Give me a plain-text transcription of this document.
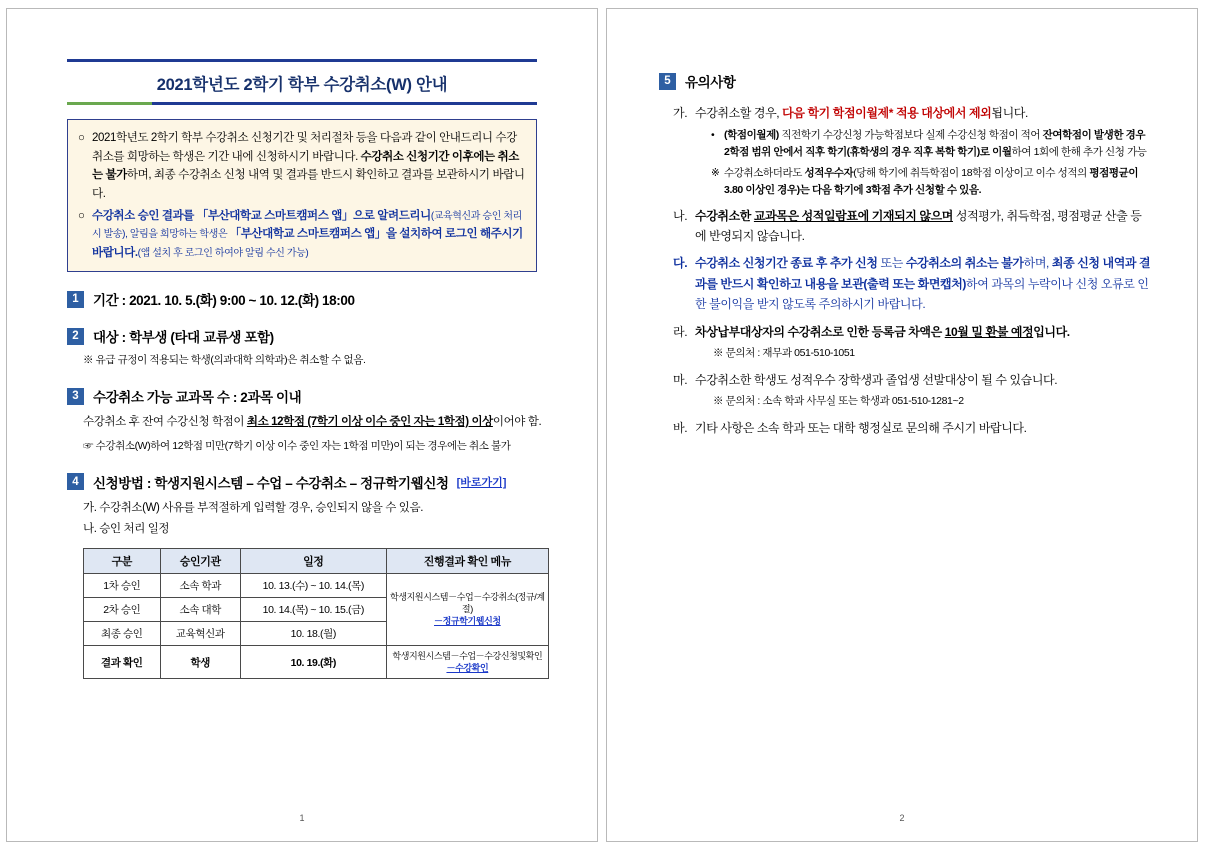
2021학년도 2학기 학부 수강취소(W) 안내
○ 2021학년도 2학기 학부 수강취소 신청기간 및 처리절차 등을 다음과 같이 안내드리니 수강취소를 희망하는 학생은 기간 내에 신청하시기 바랍니다. 수강취소 신청기간 이후에는 취소는 불가하며, 최종 수강취소 신청 내역 및 결과를 반드시 확인하고 결과를 보관하시기 바랍니다.
○ 수강취소 승인 결과를 「부산대학교 스마트캠퍼스 앱」으로 알려드리니(교육혁신과 승인 처리 시 발송), 알림을 희망하는 학생은 「부산대학교 스마트캠퍼스 앱」을 설치하여 로그인 해주시기 바랍니다.(앱 설치 후 로그인 하여야 알림 수신 가능)
1	기간 : 2021. 10. 5.(화) 9:00 ~ 10. 12.(화) 18:00
2	대상 : 학부생 (타대 교류생 포함)
※ 유급 규정이 적용되는 학생(의과대학 의학과)은 취소할 수 없음.
3	수강취소 가능 교과목 수 : 2과목 이내
수강취소 후 잔여 수강신청 학점이 최소 12학점 (7학기 이상 이수 중인 자는 1학점) 이상이어야 함.
☞ 수강취소(W)하여 12학점 미만(7학기 이상 이수 중인 자는 1학점 미만)이 되는 경우에는 취소 불가
4	신청방법 : 학생지원시스템 – 수업 – 수강취소 – 정규학기웹신청 [바로가기]
가. 수강취소(W) 사유를 부적절하게 입력할 경우, 승인되지 않을 수 있음.
나. 승인 처리 일정
구분	승인기관	일정	진행결과 확인 메뉴
1차 승인	소속 학과	10. 13.(수) ~ 10. 14.(목)	학생지원시스템－수업－수강취소(정규/계절)
－정규학기웹신청

2차 승인	소속 대학	10. 14.(목) ~ 10. 15.(금)	
최종 승인	교육혁신과	10. 18.(월)	
결과 확인	학생	10. 19.(화)	학생지원시스템－수업－수강신청및확인
－수강확인
1
5	유의사항
가. 수강취소할 경우, 다음 학기 학점이월제* 적용 대상에서 제외됩니다.
• (학점이월제) 직전학기 수강신청 가능학점보다 실제 수강신청 학점이 적어 잔여학점이 발생한 경우 2학점 범위 안에서 직후 학기(휴학생의 경우 직후 복학 학기)로 이월하여 1회에 한해 추가 신청 가능
※ 수강취소하더라도 성적우수자(당해 학기에 취득학점이 18학점 이상이고 이수 성적의 평점평균이 3.80 이상인 경우)는 다음 학기에 3학점 추가 신청할 수 있음.
나. 수강취소한 교과목은 성적일람표에 기재되지 않으며 성적평가, 취득학점, 평점평균 산출 등에 반영되지 않습니다.
다. 수강취소 신청기간 종료 후 추가 신청 또는 수강취소의 취소는 불가하며, 최종 신청 내역과 결과를 반드시 확인하고 내용을 보관(출력 또는 화면캡처)하여 과목의 누락이나 신청 오류로 인한 불이익을 받지 않도록 주의하시기 바랍니다.
라. 차상납부대상자의 수강취소로 인한 등록금 차액은 10월 밀 환불 예정입니다.
※ 문의처 : 재무과 051-510-1051
마. 수강취소한 학생도 성적우수 장학생과 졸업생 선발대상이 될 수 있습니다.
※ 문의처 : 소속 학과 사무실 또는 학생과 051-510-1281~2
바. 기타 사항은 소속 학과 또는 대학 행정실로 문의해 주시기 바랍니다.
2
